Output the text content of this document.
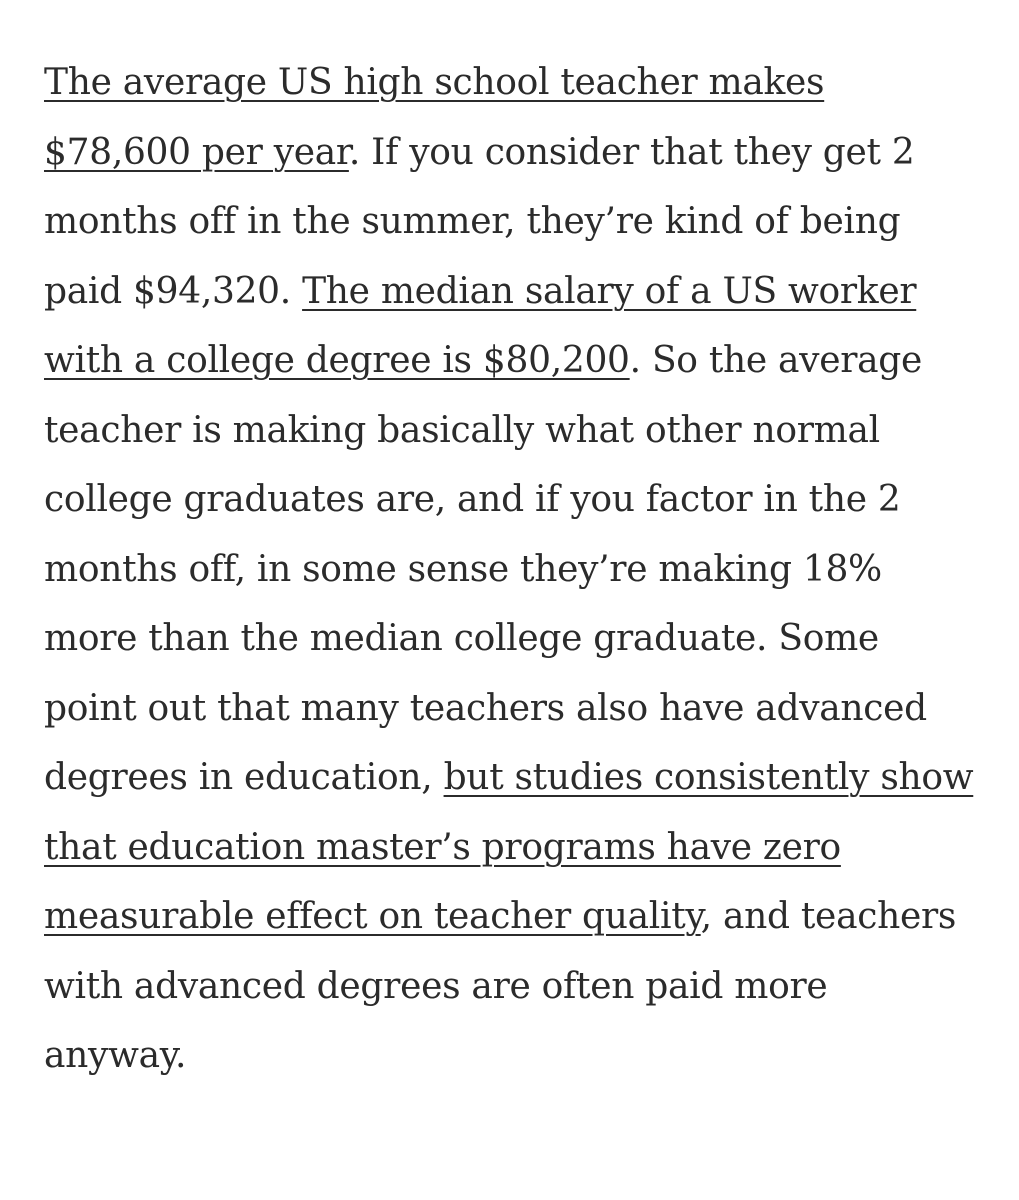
The average US high school teacher makes $78,600 per year. If you consider that they get 2 months off in the summer, they’re kind of being paid $94,320. The median salary of a US worker with a college degree is $80,200. So the average teacher is making basically what other normal college graduates are, and if you factor in the 2 months off, in some sense they’re making 18% more than the median college graduate. Some point out that many teachers also have advanced degrees in education, but studies consistently show that education master’s programs have zero measurable effect on teacher quality, and teachers with advanced degrees are often paid more anyway.
